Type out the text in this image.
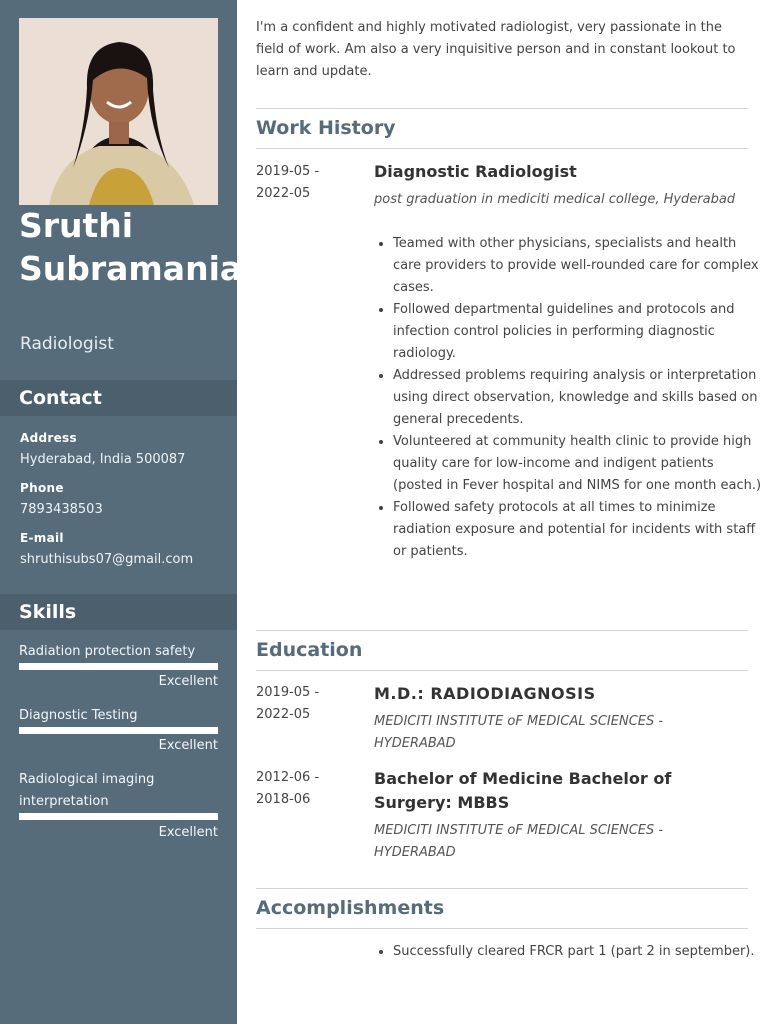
Sruthi Subramanian
Radiologist
Contact
Address
Hyderabad, India 500087
Phone
7893438503
E-mail
shruthisubs07@gmail.com
Skills
Radiation protection safety
Excellent
Diagnostic Testing
Excellent
Radiological imaging interpretation
Excellent

I'm a confident and highly motivated radiologist, very passionate in the field of work. Am also a very inquisitive person and in constant lookout to learn and update.

Work History
2019-05 -
2022-05
Diagnostic Radiologist
post graduation in mediciti medical college, Hyderabad
• Teamed with other physicians, specialists and health care providers to provide well-rounded care for complex cases.
• Followed departmental guidelines and protocols and infection control policies in performing diagnostic radiology.
• Addressed problems requiring analysis or interpretation using direct observation, knowledge and skills based on general precedents.
• Volunteered at community health clinic to provide high quality care for low-income and indigent patients (posted in Fever hospital and NIMS for one month each.)
• Followed safety protocols at all times to minimize radiation exposure and potential for incidents with staff or patients.
Education
2019-05 -
2022-05
M.D.: RADIODIAGNOSIS
MEDICITI INSTITUTE oF MEDICAL SCIENCES - HYDERABAD
2012-06 -
2018-06
Bachelor of Medicine Bachelor of Surgery: MBBS
MEDICITI INSTITUTE oF MEDICAL SCIENCES - HYDERABAD
Accomplishments
• Successfully cleared FRCR part 1 (part 2 in september).
